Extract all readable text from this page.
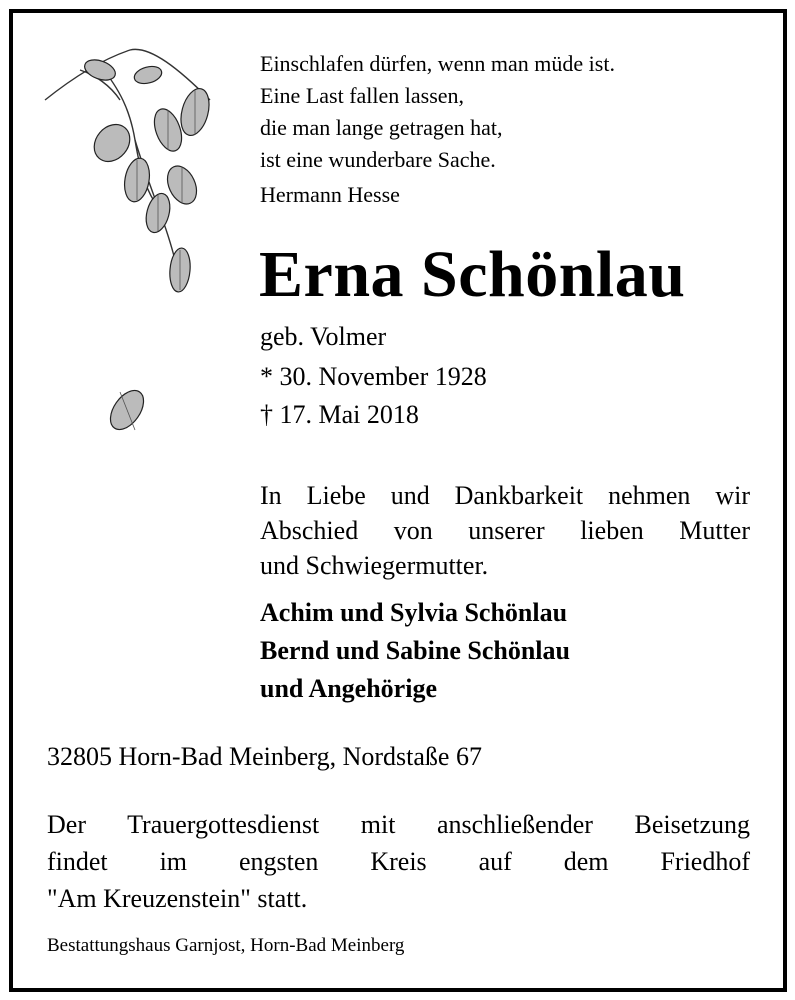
Einschlafen dürfen, wenn man müde ist.
Eine Last fallen lassen,
die man lange getragen hat,
ist eine wunderbare Sache.
Hermann Hesse
Erna Schönlau
geb. Volmer
* 30. November 1928
† 17. Mai 2018
In Liebe und Dankbarkeit nehmen wir
Abschied von unserer lieben Mutter
und Schwiegermutter.
Achim und Sylvia Schönlau
Bernd und Sabine Schönlau
und Angehörige
32805 Horn-Bad Meinberg, Nordstaße 67
Der Trauergottesdienst mit anschließender Beisetzung
findet im engsten Kreis auf dem Friedhof
"Am Kreuzenstein" statt.
Bestattungshaus Garnjost, Horn-Bad Meinberg
